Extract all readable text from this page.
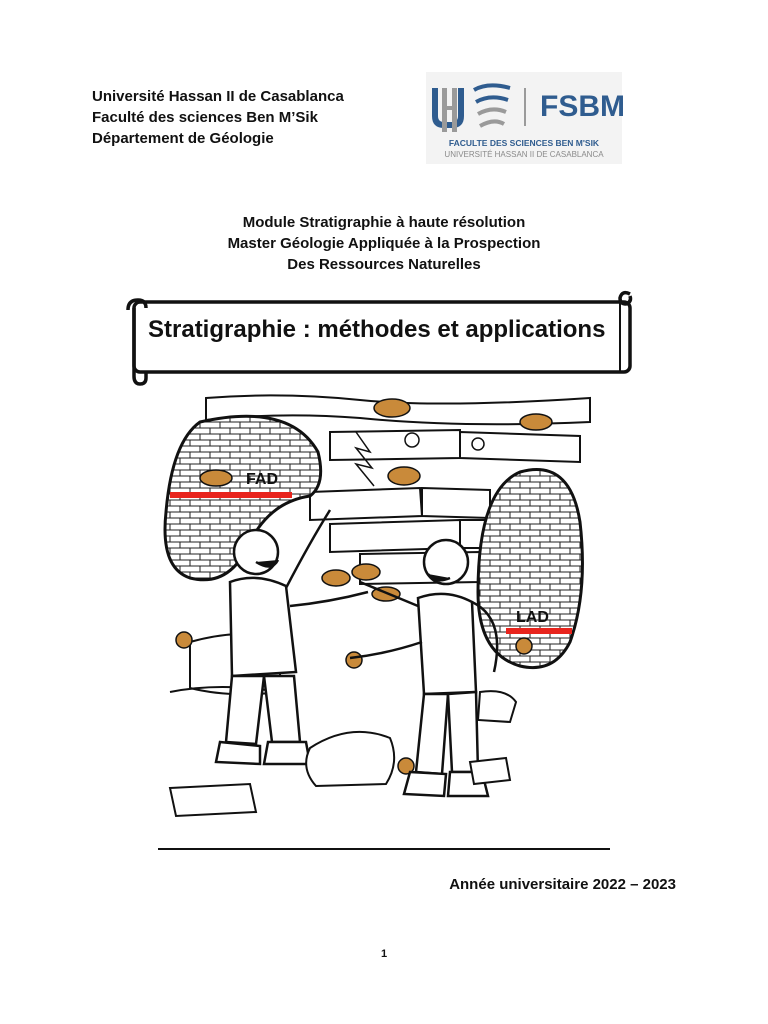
Université Hassan II de Casablanca
Faculté des sciences Ben M’Sik
Département de Géologie
FSBM
FACULTE DES SCIENCES BEN M'SIK
UNIVERSITÉ HASSAN II DE CASABLANCA
Module Stratigraphie à haute résolution
Master Géologie Appliquée à la Prospection
Des Ressources Naturelles
Stratigraphie : méthodes et applications
FAD
LAD
Année universitaire 2022 – 2023
1
